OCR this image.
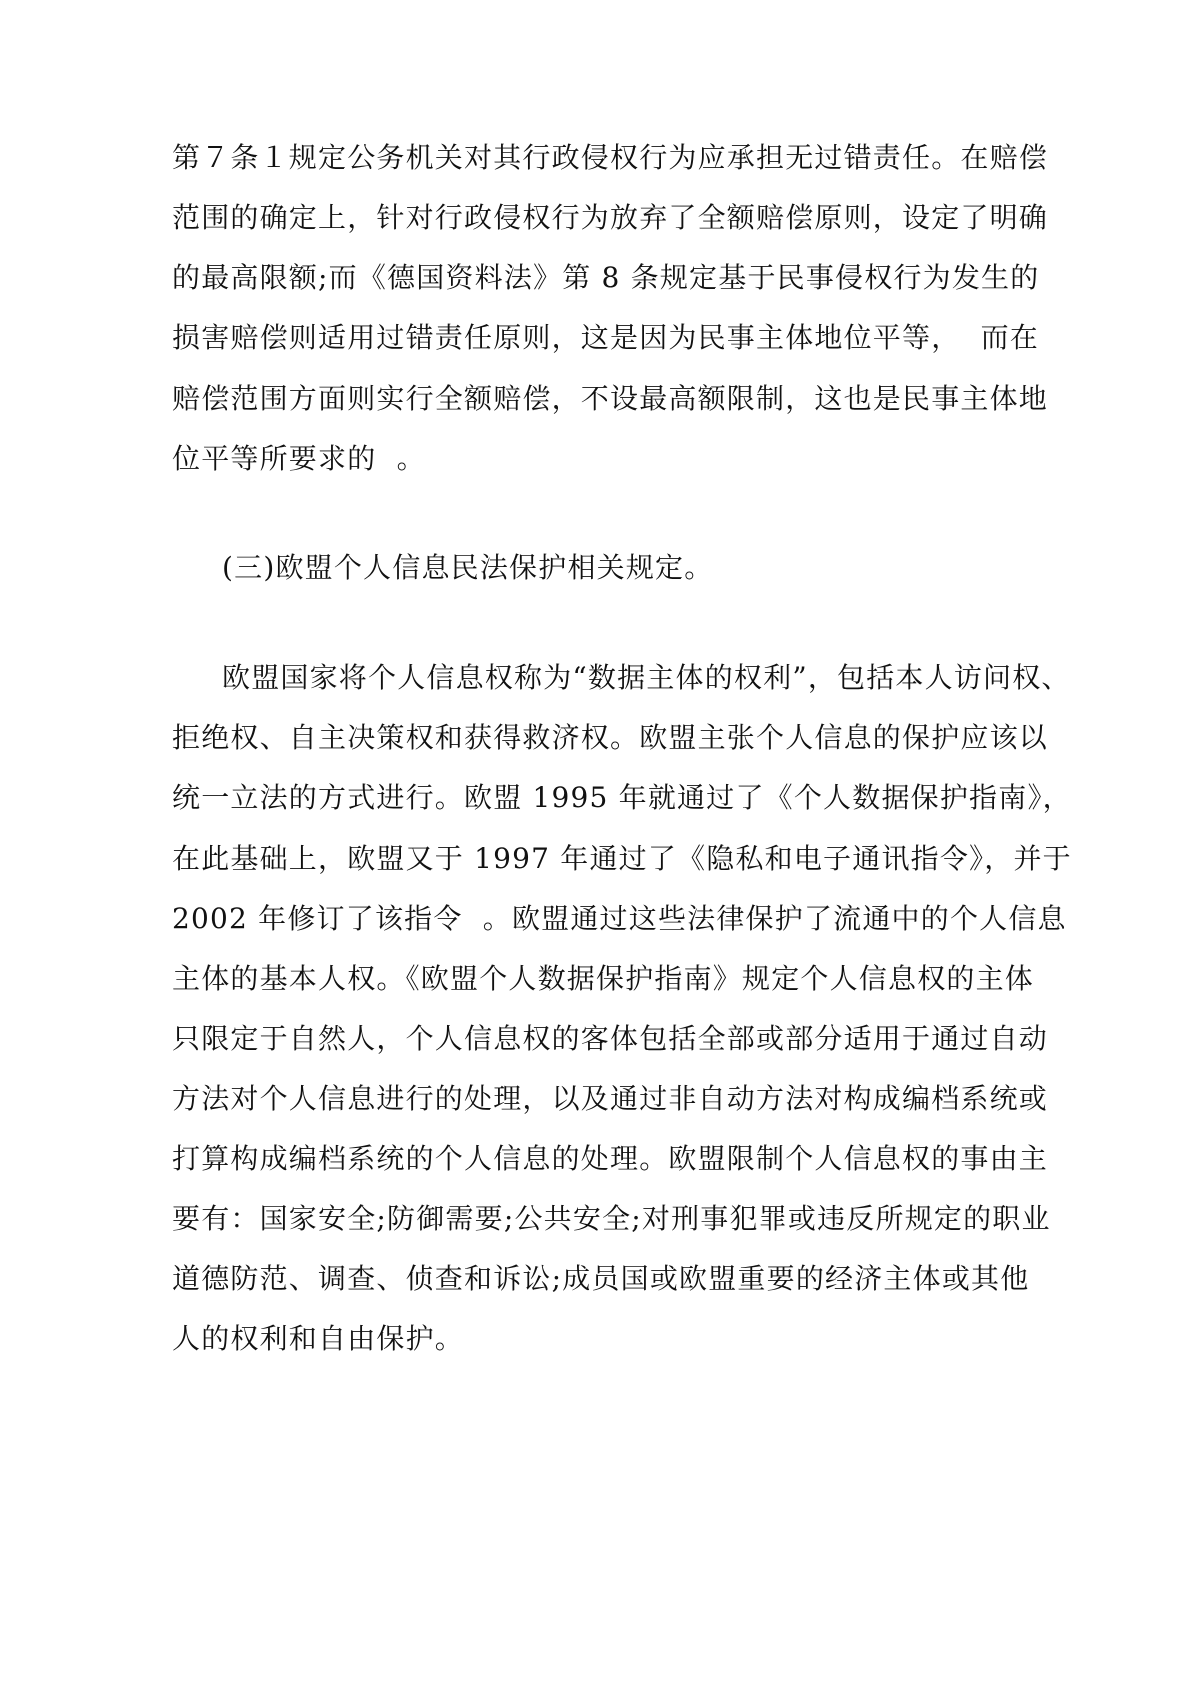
第７条１规定公务机关对其行政侵权行为应承担无过错责任。在赔偿
范围的确定上，针对行政侵权行为放弃了全额赔偿原则，设定了明确
的最高限额;而《德国资料法》第 8 条规定基于民事侵权行为发生的
损害赔偿则适用过错责任原则，这是因为民事主体地位平等，  而在
赔偿范围方面则实行全额赔偿，不设最高额限制，这也是民事主体地
位平等所要求的  。
(三)欧盟个人信息民法保护相关规定。
欧盟国家将个人信息权称为“数据主体的权利”，包括本人访问权、
拒绝权、自主决策权和获得救济权。欧盟主张个人信息的保护应该以
统一立法的方式进行。欧盟 1995 年就通过了《个人数据保护指南》，
在此基础上，欧盟又于 1997 年通过了《隐私和电子通讯指令》，并于
2002 年修订了该指令  。欧盟通过这些法律保护了流通中的个人信息
主体的基本人权。《欧盟个人数据保护指南》规定个人信息权的主体
只限定于自然人，个人信息权的客体包括全部或部分适用于通过自动
方法对个人信息进行的处理，以及通过非自动方法对构成编档系统或
打算构成编档系统的个人信息的处理。欧盟限制个人信息权的事由主
要有：国家安全;防御需要;公共安全;对刑事犯罪或违反所规定的职业
道德防范、调查、侦查和诉讼;成员国或欧盟重要的经济主体或其他
人的权利和自由保护。
